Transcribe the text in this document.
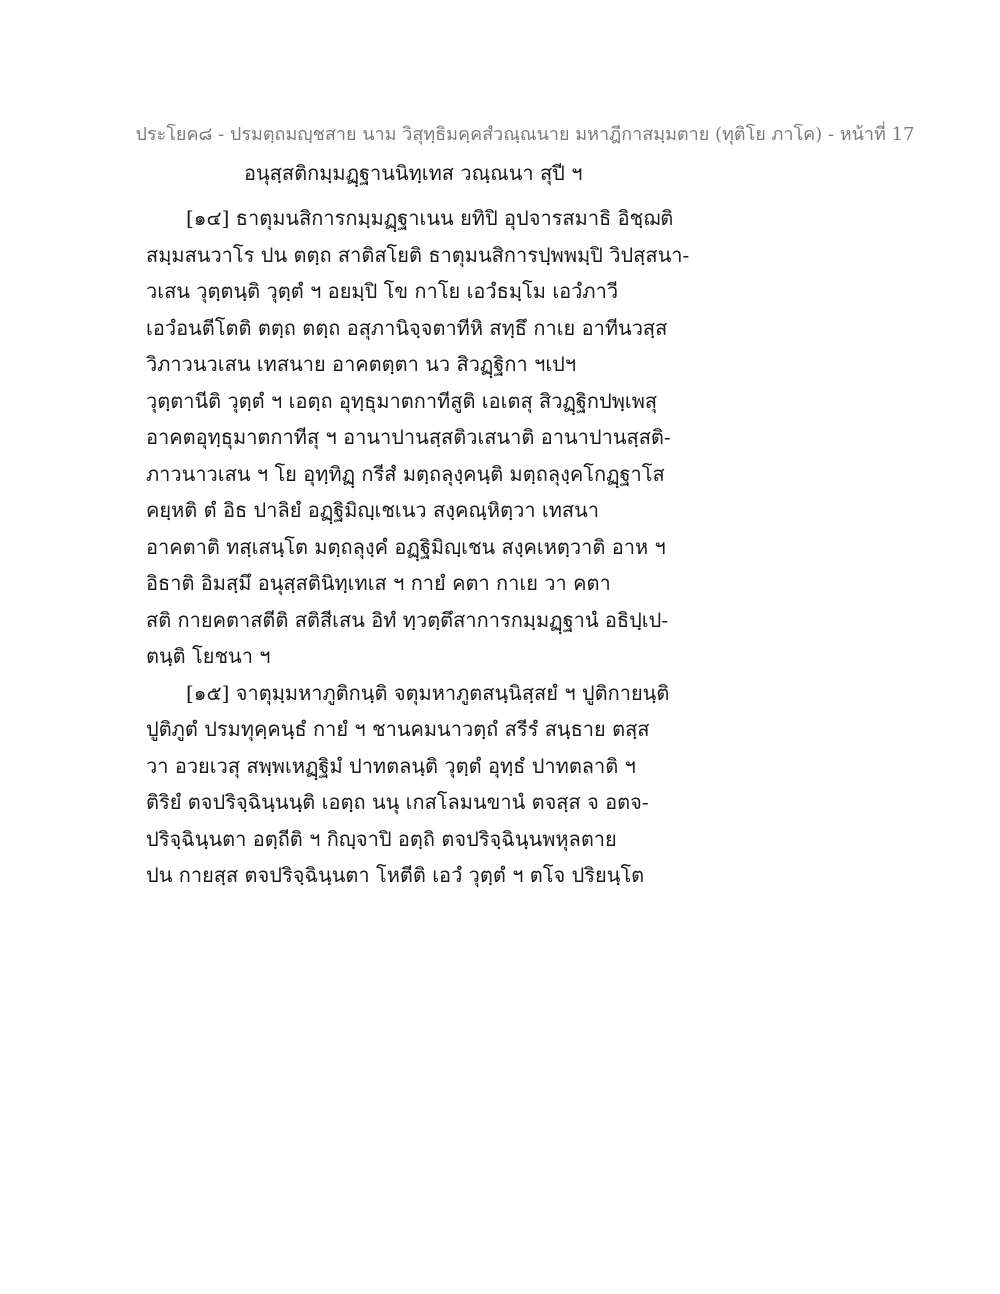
ประโยค๘ - ปรมตฺถมญฺชสาย นาม วิสุทฺธิมคฺคสํวณฺณนาย มหาฎีกาสมฺมตาย (ทุติโย ภาโค) - หน้าที่ 17
อนุสฺสติกมฺมฏฺฐานนิทฺเทส วณฺณนา สุปี ฯ
[๑๔] ธาตุมนสิการกมฺมฏฺฐาเนน ยทิปิ อุปจารสมาธิ อิชฺฌติ
สมฺมสนวาโร ปน ตตฺถ สาติสโยติ ธาตุมนสิการปฺพพมฺปิ วิปสฺสนา-
วเสน วุตฺตนฺติ วุตฺตํ ฯ อยมฺปิ โข กาโย เอวํธมฺโม เอวํภาวี
เอวํอนตีโตติ ตตฺถ ตตฺถ อสุภานิจฺจตาทีหิ สทฺธึ กาเย อาทีนวสฺส
วิภาวนวเสน เทสนาย อาคตตฺตา นว สิวฏฺฐิกา ฯเปฯ
วุตฺตานีติ วุตฺตํ ฯ เอตฺถ อุทฺธุมาตกาทีสูติ เอเตสุ สิวฏฺฐิกปพฺเพสุ
อาคตอุทฺธุมาตกาทีสุ ฯ อานาปานสฺสติวเสนาติ อานาปานสฺสติ-
ภาวนาวเสน ฯ โย อุทฺทิฏฺ กรีสํ มตฺถลุงฺคนฺติ มตฺถลุงฺคโกฏฺฐาโส
คยฺหติ ตํ อิธ ปาลิยํ อฏฺฐิมิญฺเชเนว สงฺคณฺหิตฺวา เทสนา
อาคตาติ ทสฺเสนฺโต มตฺถลุงฺคํ อฏฺฐิมิญฺเชน สงฺคเหตฺวาติ อาห ฯ
อิธาติ อิมสฺมึ อนุสฺสตินิทฺเทเส ฯ กายํ คตา กาเย วา คตา
สติ กายคตาสตีติ สติสีเสน อิทํ ทฺวตฺตึสาการกมฺมฏฺฐานํ อธิปฺเป-
ตนฺติ โยชนา ฯ
[๑๕] จาตุมฺมหาภูติกนฺติ จตุมหาภูตสนฺนิสฺสยํ ฯ ปูติกายนฺติ
ปูติภูตํ ปรมทุคฺคนฺธํ กายํ ฯ ชานคมนาวตฺถํ สรีรํ สนฺธาย ตสฺส
วา อวยเวสุ สพฺพเหฏฺฐิมํ ปาทตลนฺติ วุตฺตํ อุทฺธํ ปาทตลาติ ฯ
ติริยํ ตจปริจฺฉินฺนนฺติ เอตฺถ นนุ เกสโลมนขานํ ตจสฺส จ อตจ-
ปริจฺฉินฺนตา อตฺถีติ ฯ กิญฺจาปิ อตฺถิ ตจปริจฺฉินฺนพหุลตาย
ปน กายสฺส ตจปริจฺฉินฺนตา โหตีติ เอวํ วุตฺตํ ฯ ตโจ ปริยนฺโต
